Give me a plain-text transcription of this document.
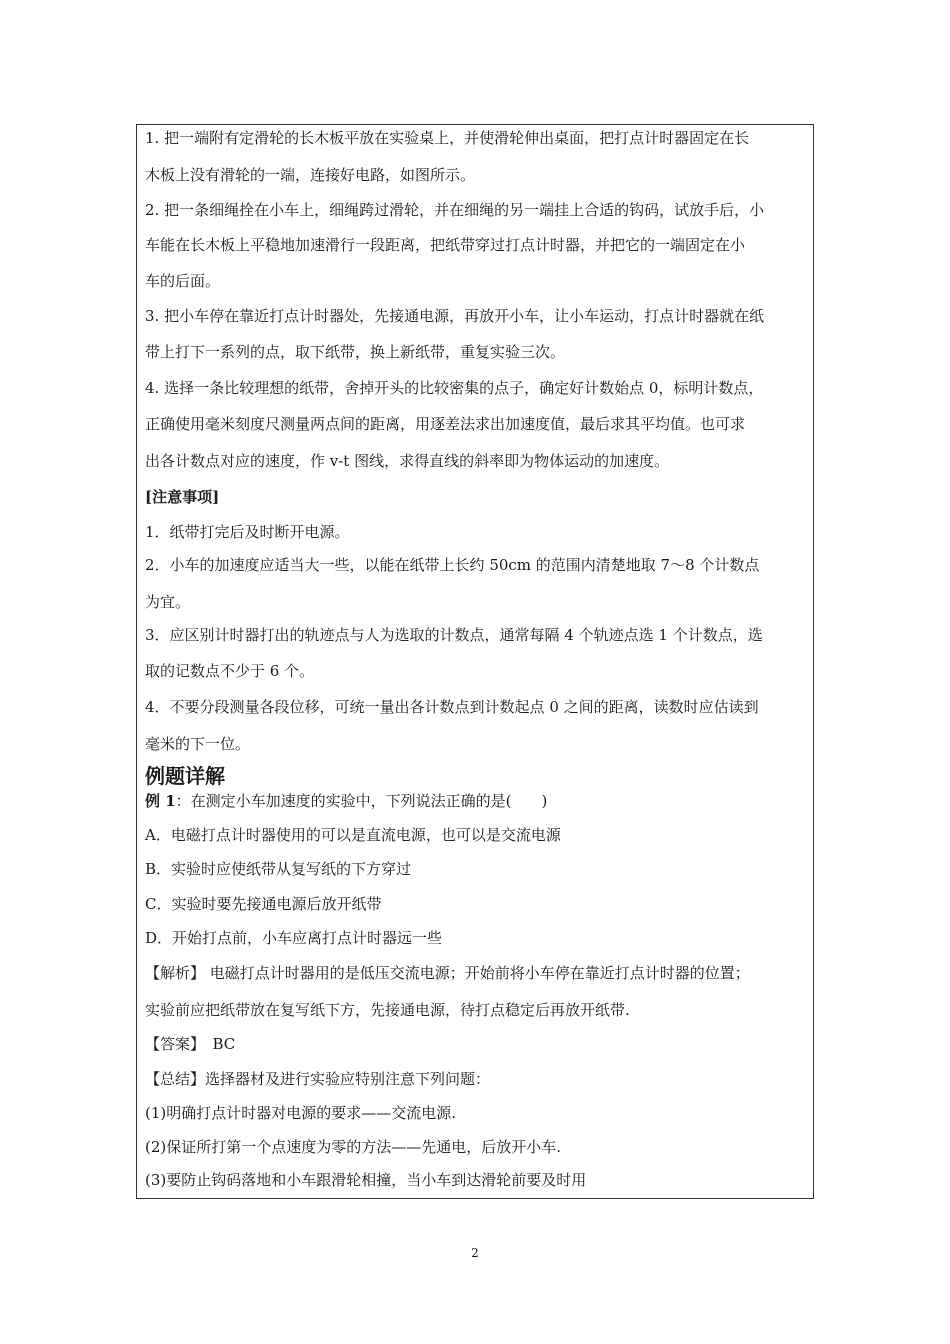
1. 把一端附有定滑轮的长木板平放在实验桌上，并使滑轮伸出桌面，把打点计时器固定在长
木板上没有滑轮的一端，连接好电路，如图所示。
2. 把一条细绳拴在小车上，细绳跨过滑轮，并在细绳的另一端挂上合适的钩码，试放手后，小
车能在长木板上平稳地加速滑行一段距离，把纸带穿过打点计时器，并把它的一端固定在小
车的后面。
3. 把小车停在靠近打点计时器处，先接通电源，再放开小车，让小车运动，打点计时器就在纸
带上打下一系列的点，取下纸带，换上新纸带，重复实验三次。
4. 选择一条比较理想的纸带，舍掉开头的比较密集的点子，确定好计数始点 0，标明计数点，
正确使用毫米刻度尺测量两点间的距离，用逐差法求出加速度值，最后求其平均值。也可求
出各计数点对应的速度，作 v-t 图线，求得直线的斜率即为物体运动的加速度。
[注意事项]
1．纸带打完后及时断开电源。
2．小车的加速度应适当大一些，以能在纸带上长约 50cm 的范围内清楚地取 7～8 个计数点
为宜。
3．应区别计时器打出的轨迹点与人为选取的计数点，通常每隔 4 个轨迹点选 1 个计数点，选
取的记数点不少于 6 个。
4．不要分段测量各段位移，可统一量出各计数点到计数起点 0 之间的距离，读数时应估读到
毫米的下一位。
例题详解
例 1：在测定小车加速度的实验中，下列说法正确的是(　　)
A．电磁打点计时器使用的可以是直流电源，也可以是交流电源
B．实验时应使纸带从复写纸的下方穿过
C．实验时要先接通电源后放开纸带
D．开始打点前，小车应离打点计时器远一些
【解析】 电磁打点计时器用的是低压交流电源；开始前将小车停在靠近打点计时器的位置；
实验前应把纸带放在复写纸下方，先接通电源，待打点稳定后再放开纸带.
【答案】　BC
【总结】选择器材及进行实验应特别注意下列问题：
(1)明确打点计时器对电源的要求——交流电源.
(2)保证所打第一个点速度为零的方法——先通电，后放开小车.
(3)要防止钩码落地和小车跟滑轮相撞，当小车到达滑轮前要及时用
2
